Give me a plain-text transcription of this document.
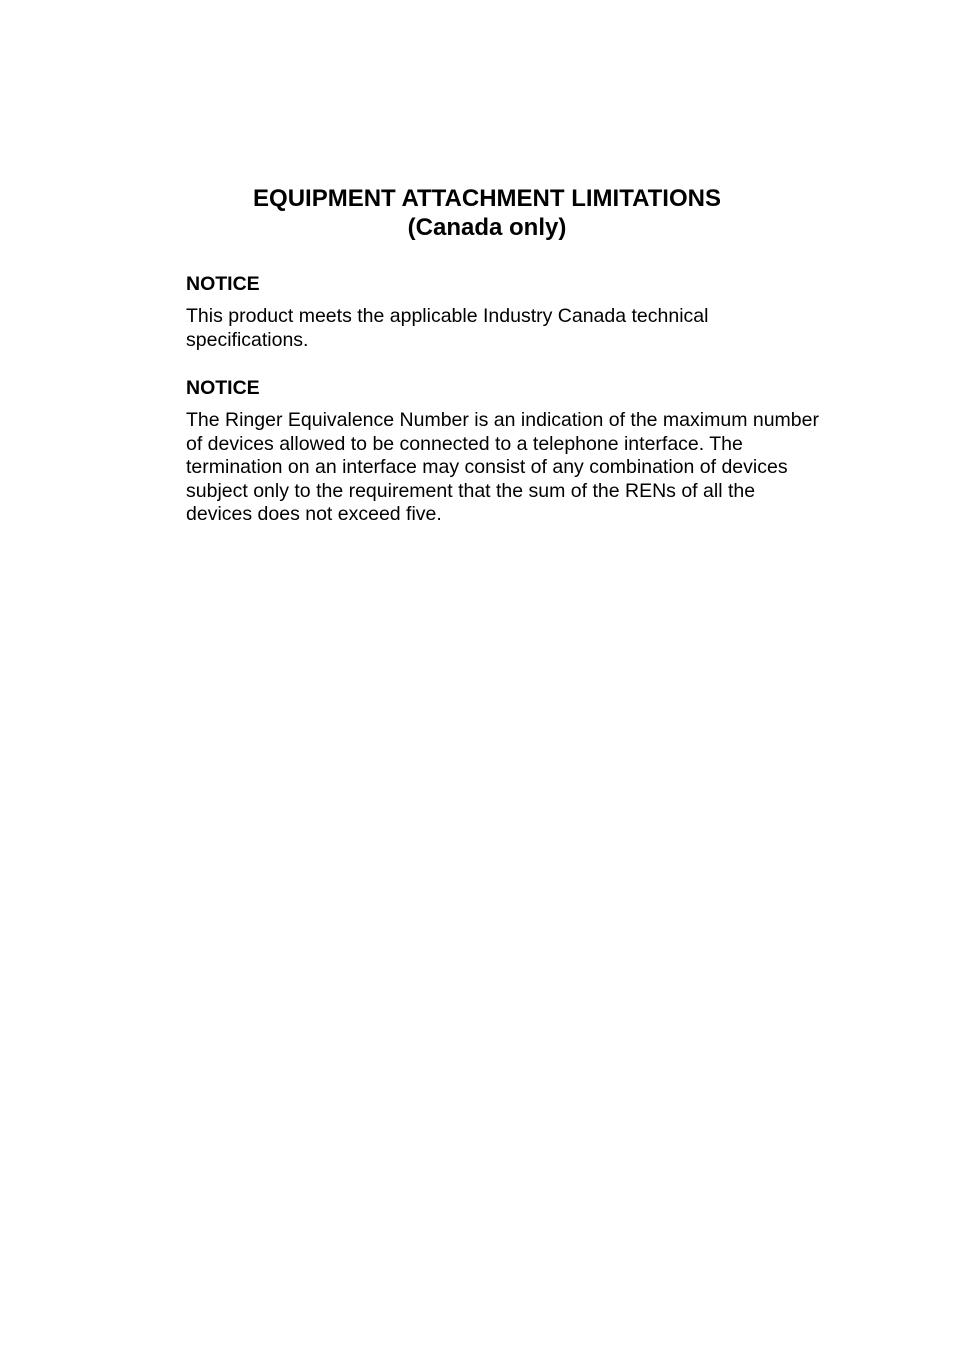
EQUIPMENT ATTACHMENT LIMITATIONS
(Canada only)
NOTICE

This product meets the applicable Industry Canada technical specifications.

NOTICE

The Ringer Equivalence Number is an indication of the maximum number of devices allowed to be connected to a telephone interface. The termination on an interface may consist of any combination of devices subject only to the requirement that the sum of the RENs of all the devices does not exceed five.
